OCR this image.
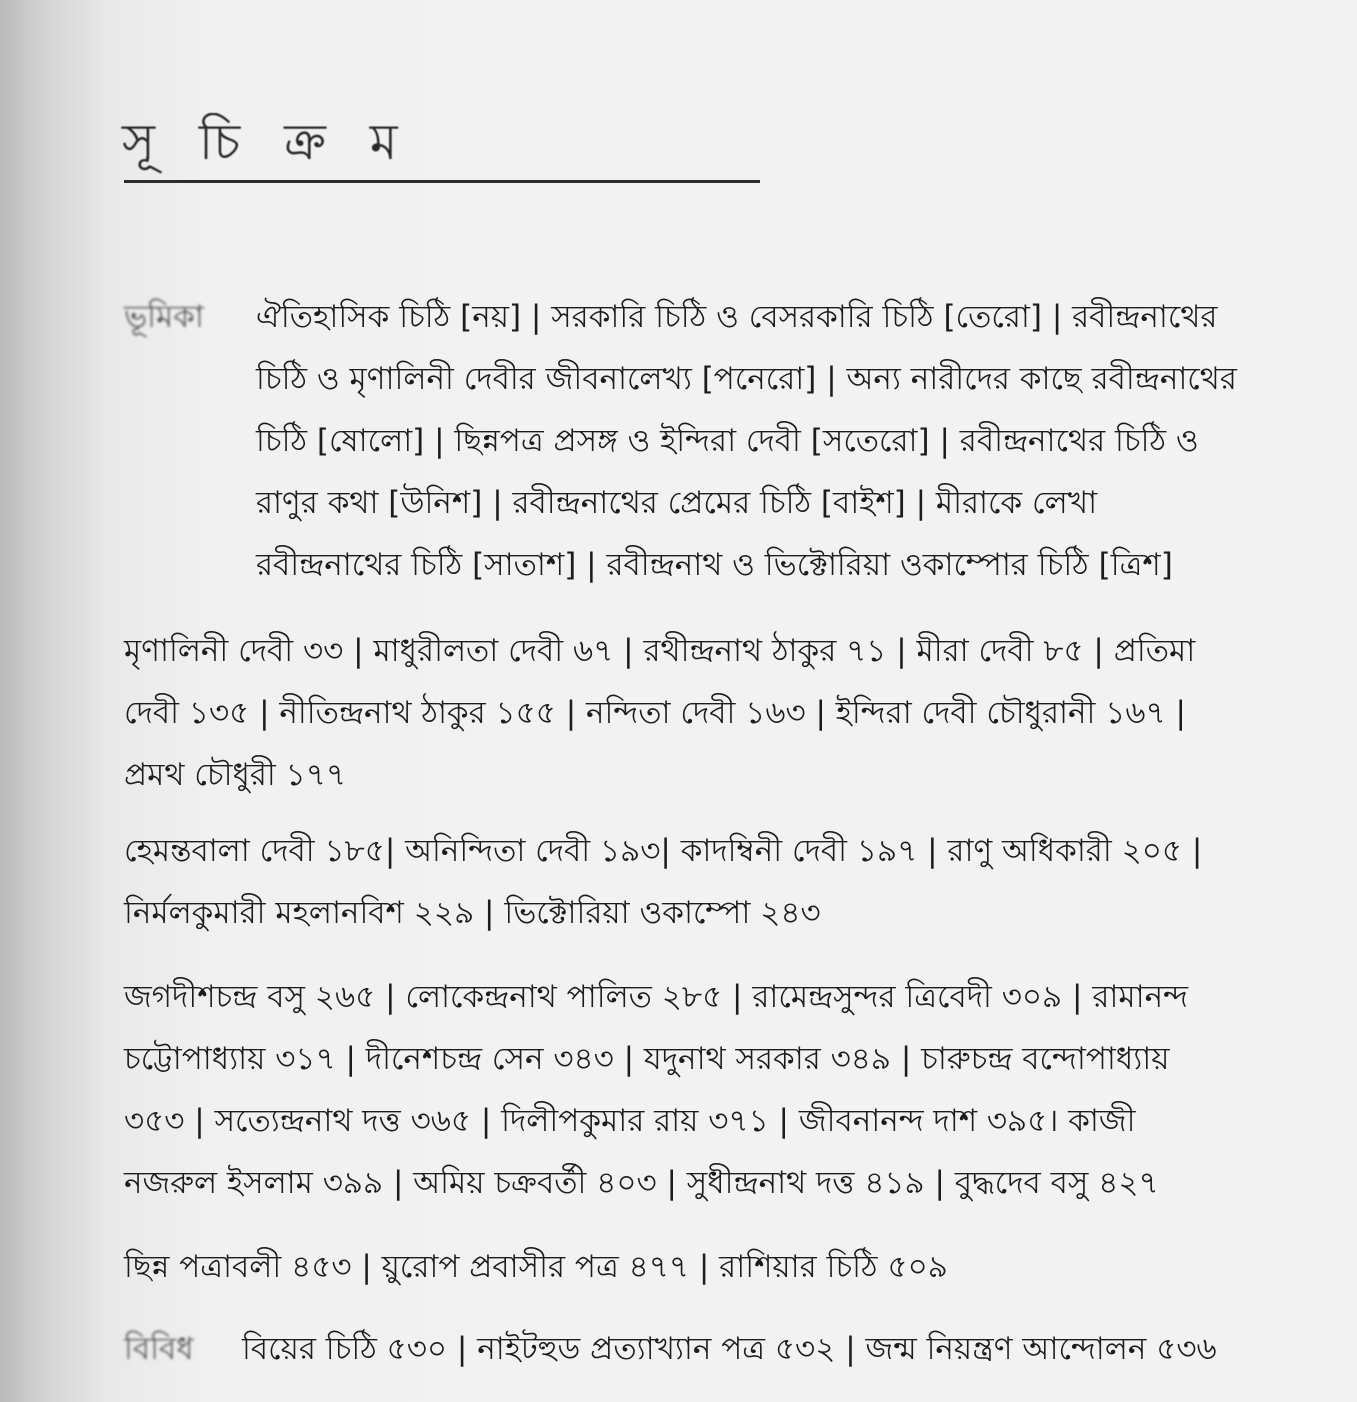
সূ চি ক্র ম
ভূমিকা ঐতিহাসিক চিঠি [নয়] | সরকারি চিঠি ও বেসরকারি চিঠি [তেরো] | রবীন্দ্রনাথের
চিঠি ও মৃণালিনী দেবীর জীবনালেখ্য [পনেরো] | অন্য নারীদের কাছে রবীন্দ্রনাথের
চিঠি [ষোলো] | ছিন্নপত্র প্রসঙ্গ ও ইন্দিরা দেবী [সতেরো] | রবীন্দ্রনাথের চিঠি ও
রাণুর কথা [উনিশ] | রবীন্দ্রনাথের প্রেমের চিঠি [বাইশ] | মীরাকে লেখা
রবীন্দ্রনাথের চিঠি [সাতাশ] | রবীন্দ্রনাথ ও ভিক্টোরিয়া ওকাম্পোর চিঠি [ত্রিশ]
মৃণালিনী দেবী ৩৩ | মাধুরীলতা দেবী ৬৭ | রথীন্দ্রনাথ ঠাকুর ৭১ | মীরা দেবী ৮৫ | প্রতিমা
দেবী ১৩৫ | নীতিন্দ্রনাথ ঠাকুর ১৫৫ | নন্দিতা দেবী ১৬৩ | ইন্দিরা দেবী চৌধুরানী ১৬৭ |
প্রমথ চৌধুরী ১৭৭
হেমন্তবালা দেবী ১৮৫| অনিন্দিতা দেবী ১৯৩| কাদম্বিনী দেবী ১৯৭ | রাণু অধিকারী ২০৫ |
নির্মলকুমারী মহলানবিশ ২২৯ | ভিক্টোরিয়া ওকাম্পো ২৪৩
জগদীশচন্দ্র বসু ২৬৫ | লোকেন্দ্রনাথ পালিত ২৮৫ | রামেন্দ্রসুন্দর ত্রিবেদী ৩০৯ | রামানন্দ
চট্টোপাধ্যায় ৩১৭ | দীনেশচন্দ্র সেন ৩৪৩ | যদুনাথ সরকার ৩৪৯ | চারুচন্দ্র বন্দোপাধ্যায়
৩৫৩ | সত্যেন্দ্রনাথ দত্ত ৩৬৫ | দিলীপকুমার রায় ৩৭১ | জীবনানন্দ দাশ ৩৯৫। কাজী
নজরুল ইসলাম ৩৯৯ | অমিয় চক্রবর্তী ৪০৩ | সুধীন্দ্রনাথ দত্ত ৪১৯ | বুদ্ধদেব বসু ৪২৭
ছিন্ন পত্রাবলী ৪৫৩ | য়ুরোপ প্রবাসীর পত্র ৪৭৭ | রাশিয়ার চিঠি ৫০৯
বিবিধ বিয়ের চিঠি ৫৩০ | নাইটহুড প্রত্যাখ্যান পত্র ৫৩২ | জন্ম নিয়ন্ত্রণ আন্দোলন ৫৩৬
